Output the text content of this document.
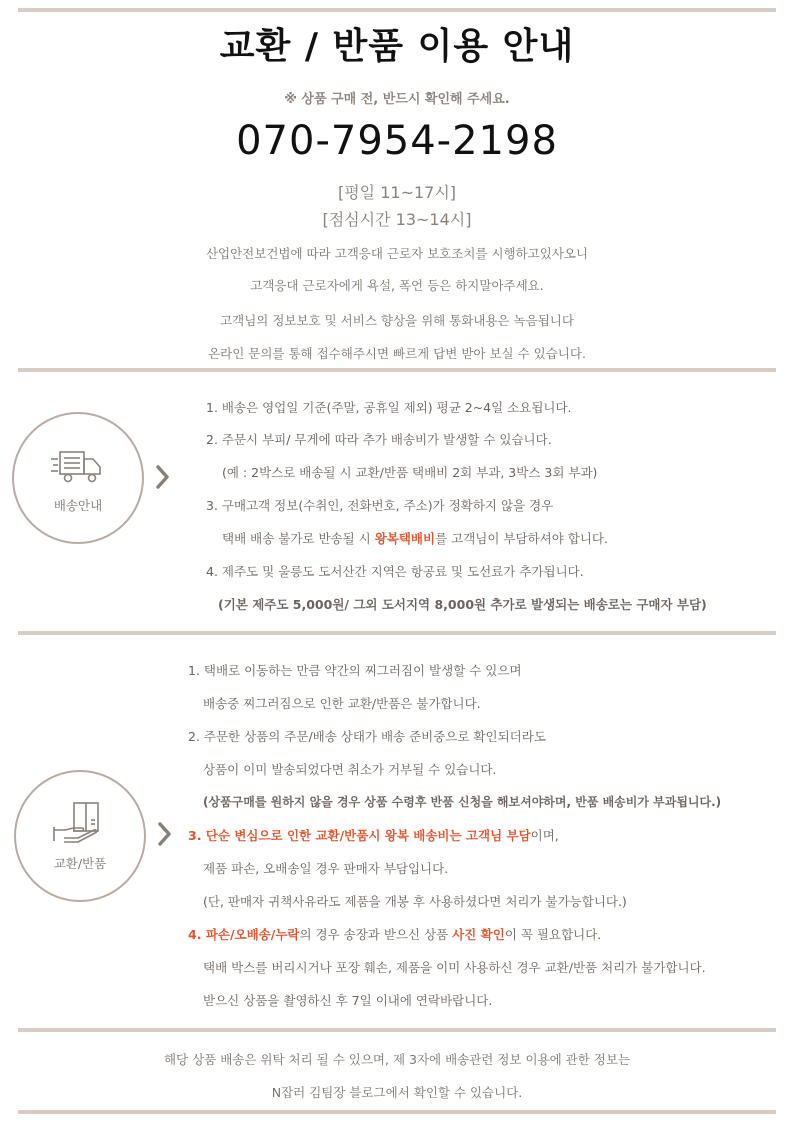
교환 / 반품 이용 안내
※ 상품 구매 전, 반드시 확인해 주세요.
070-7954-2198
[평일 11~17시]
[점심시간 13~14시]
산업안전보건법에 따라 고객응대 근로자 보호조치를 시행하고있사오니
고객응대 근로자에게 욕설, 폭언 등은 하지말아주세요.
고객님의 정보보호 및 서비스 향상을 위해 통화내용은 녹음됩니다
온라인 문의를 통해 접수해주시면 빠르게 답변 받아 보실 수 있습니다.
배송안내
1. 배송은 영업일 기준(주말, 공휴일 제외) 평균 2~4일 소요됩니다.
2. 주문시 부피/ 무게에 따라 추가 배송비가 발생할 수 있습니다.
(예 : 2박스로 배송될 시 교환/반품 택배비 2회 부과, 3박스 3회 부과)
3. 구매고객 정보(수취인, 전화번호, 주소)가 정확하지 않을 경우
택배 배송 불가로 반송될 시 왕복택배비를 고객님이 부담하셔야 합니다.
4. 제주도 및 울릉도 도서산간 지역은 항공료 및 도선료가 추가됩니다.
(기본 제주도 5,000원/ 그외 도서지역 8,000원 추가로 발생되는 배송로는 구매자 부담)
교환/반품
1. 택배로 이동하는 만큼 약간의 찌그러짐이 발생할 수 있으며
배송중 찌그러짐으로 인한 교환/반품은 불가합니다.
2. 주문한 상품의 주문/배송 상태가 배송 준비중으로 확인되더라도
상품이 이미 발송되었다면 취소가 거부될 수 있습니다.
(상품구매를 원하지 않을 경우 상품 수령후 반품 신청을 해보셔야하며, 반품 배송비가 부과됩니다.)
3. 단순 변심으로 인한 교환/반품시 왕복 배송비는 고객님 부담이며,
제품 파손, 오배송일 경우 판매자 부담입니다.
(단, 판매자 귀책사유라도 제품을 개봉 후 사용하셨다면 처리가 불가능합니다.)
4. 파손/오배송/누락의 경우 송장과 받으신 상품 사진 확인이 꼭 필요합니다.
택배 박스를 버리시거나 포장 훼손, 제품을 이미 사용하신 경우 교환/반품 처리가 불가합니다.
받으신 상품을 촬영하신 후 7일 이내에 연락바랍니다.
해당 상품 배송은 위탁 처리 될 수 있으며, 제 3자에 배송관련 정보 이용에 관한 정보는
N잡러 김팀장 블로그에서 확인할 수 있습니다.
